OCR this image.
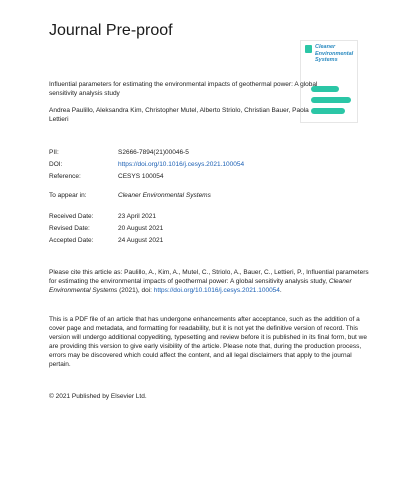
Journal Pre-proof
Cleaner Environmental Systems
Influential parameters for estimating the environmental impacts of geothermal power: A global sensitivity analysis study
Andrea Paulillo, Aleksandra Kim, Christopher Mutel, Alberto Striolo, Christian Bauer, Paola Lettieri
PII:	S2666-7894(21)00046-5
DOI:	https://doi.org/10.1016/j.cesys.2021.100054
Reference:	CESYS 100054
To appear in:	Cleaner Environmental Systems
Received Date:	23 April 2021
Revised Date:	20 August 2021
Accepted Date:	24 August 2021
Please cite this article as: Paulillo, A., Kim, A., Mutel, C., Striolo, A., Bauer, C., Lettieri, P., Influential parameters for estimating the environmental impacts of geothermal power: A global sensitivity analysis study, Cleaner Environmental Systems (2021), doi: https://doi.org/10.1016/j.cesys.2021.100054.
This is a PDF file of an article that has undergone enhancements after acceptance, such as the addition of a cover page and metadata, and formatting for readability, but it is not yet the definitive version of record. This version will undergo additional copyediting, typesetting and review before it is published in its final form, but we are providing this version to give early visibility of the article. Please note that, during the production process, errors may be discovered which could affect the content, and all legal disclaimers that apply to the journal pertain.
© 2021 Published by Elsevier Ltd.
